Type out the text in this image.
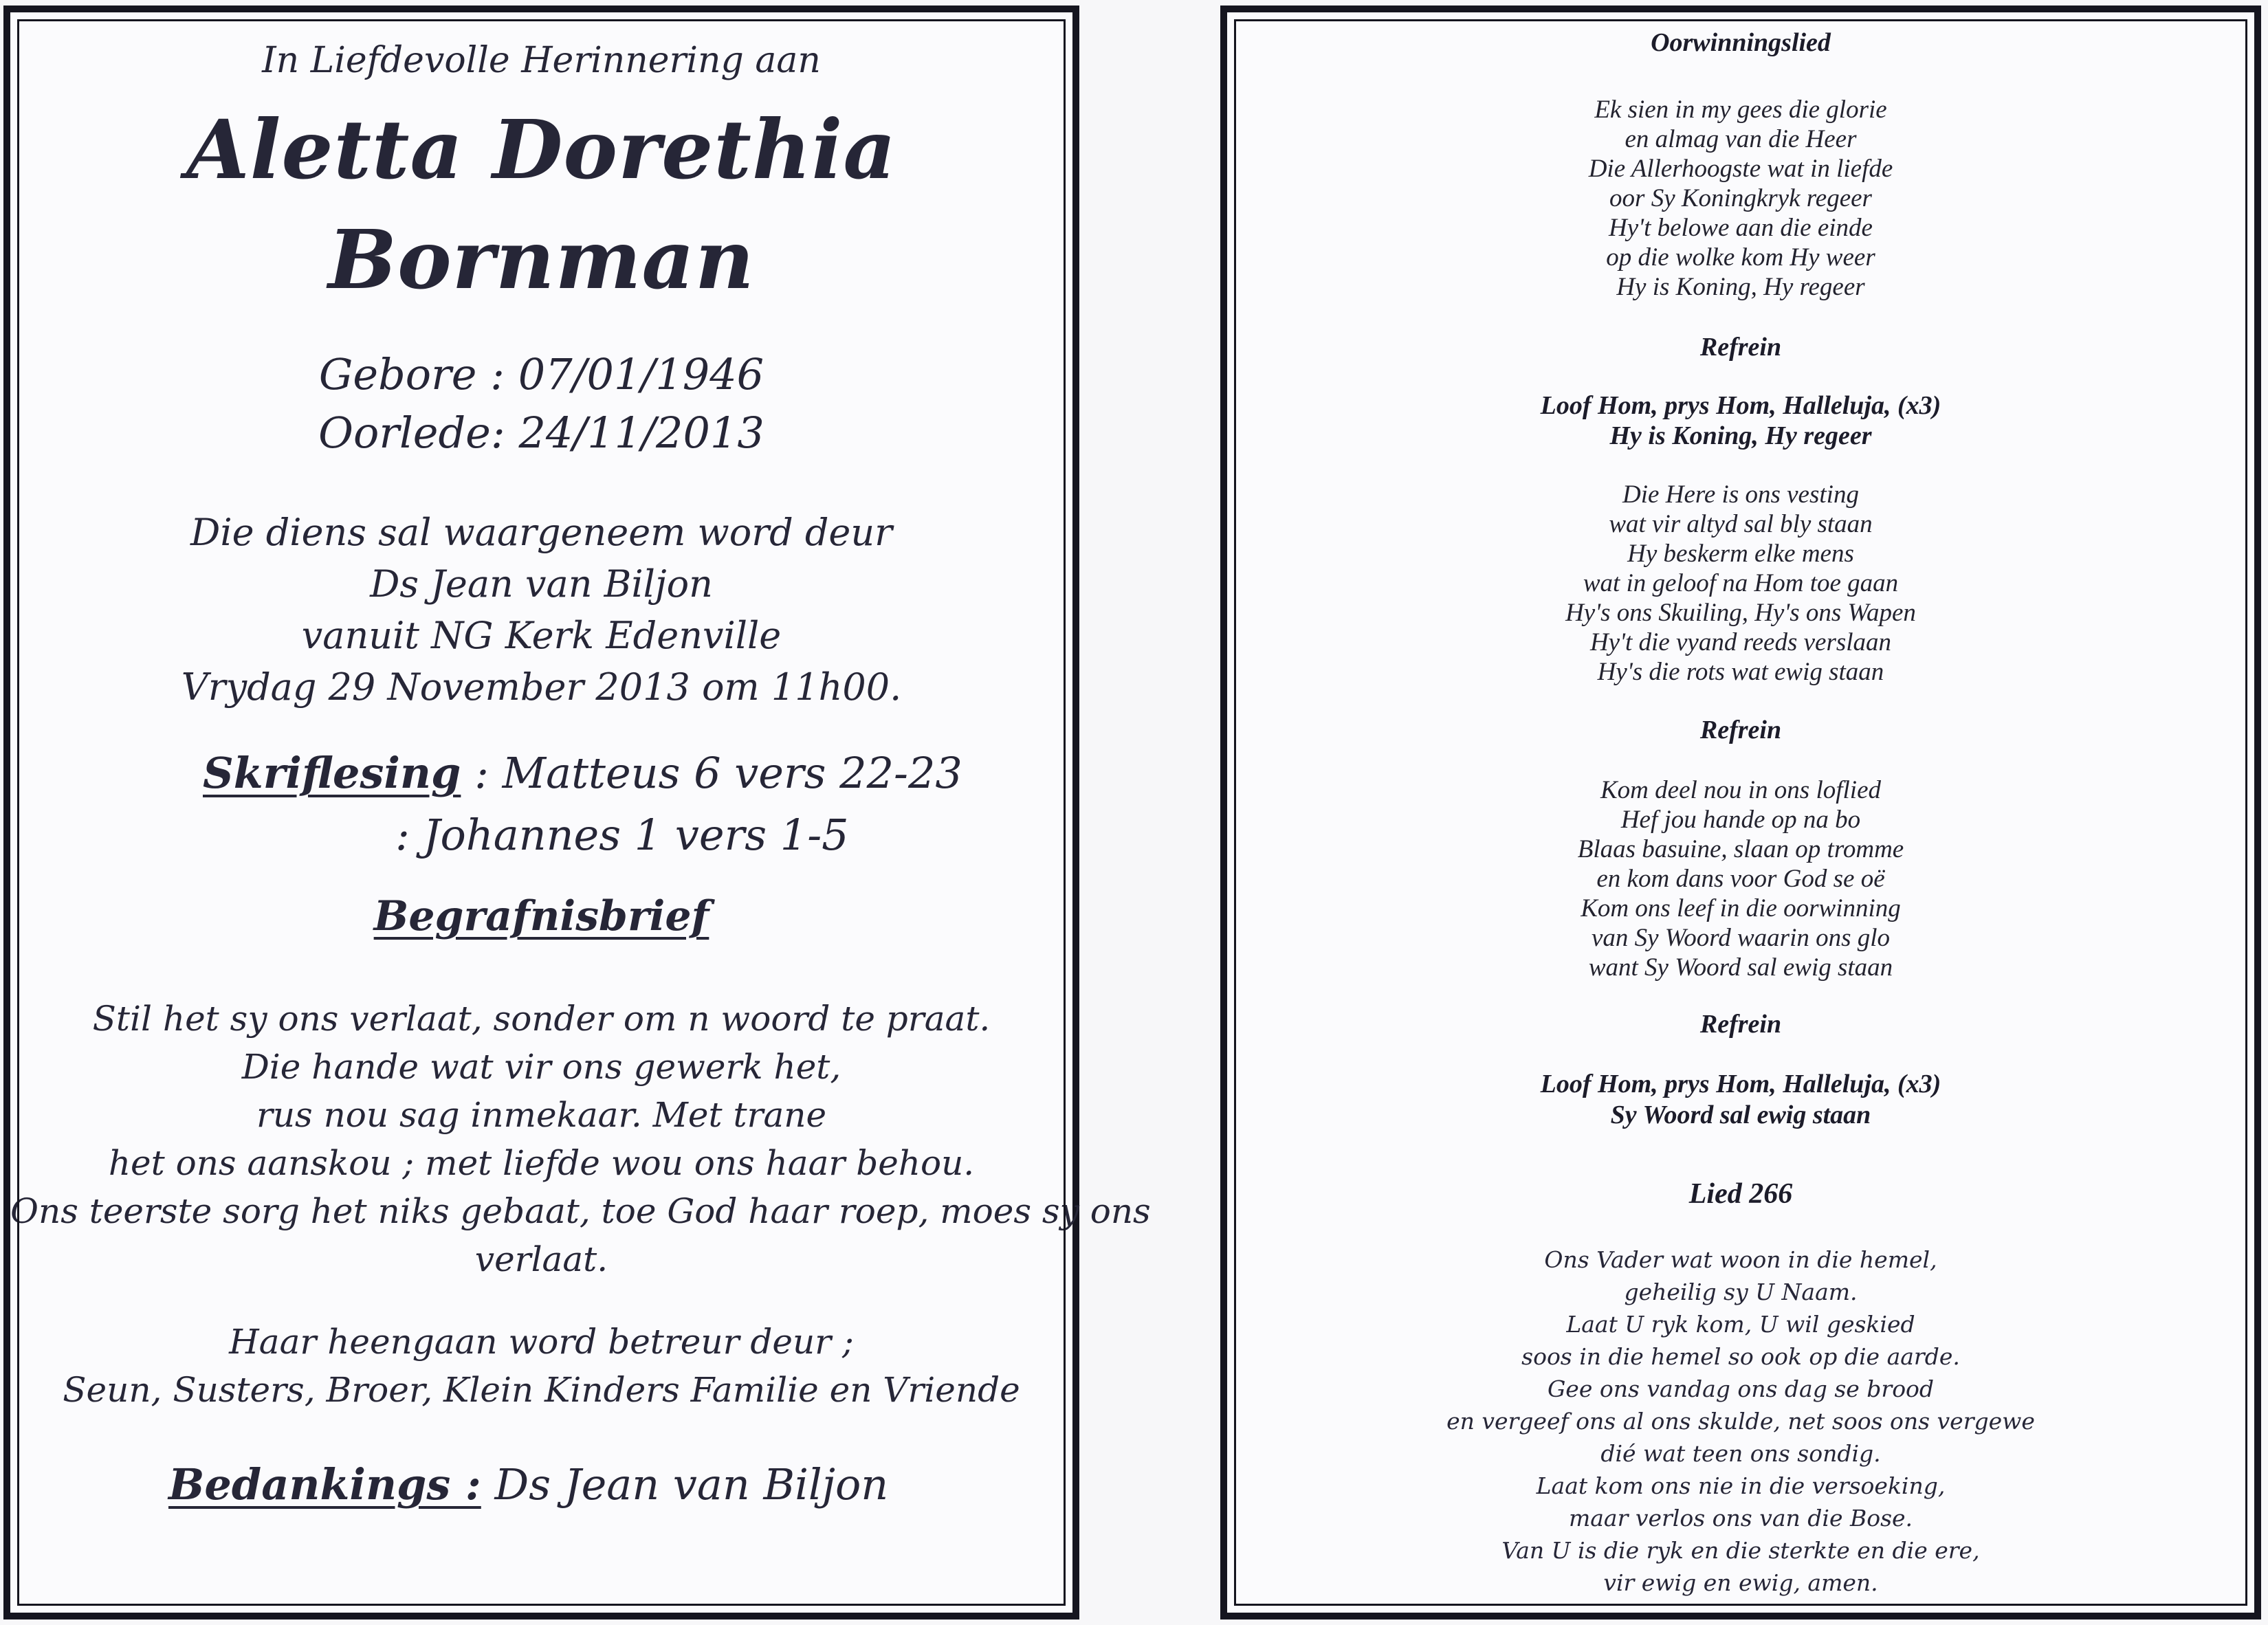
In Liefdevolle Herinnering aan
Aletta Dorethia
Bornman
Gebore : 07/01/1946
Oorlede: 24/11/2013
Die diens sal waargeneem word deur
Ds Jean van Biljon
vanuit NG Kerk Edenville
Vrydag 29 November 2013 om 11h00.
Skriflesing : Matteus 6 vers 22-23
: Johannes 1 vers 1-5
Begrafnisbrief
Stil het sy ons verlaat, sonder om n woord te praat.
Die hande wat vir ons gewerk het,
rus nou sag inmekaar. Met trane
het ons aanskou ; met liefde wou ons haar behou.
Ons teerste sorg het niks gebaat, toe God haar roep, moes sy ons
verlaat.
Haar heengaan word betreur deur ;
Seun, Susters, Broer, Klein Kinders Familie en Vriende
Bedankings : Ds Jean van Biljon
Oorwinningslied
Ek sien in my gees die glorie
en almag van die Heer
Die Allerhoogste wat in liefde
oor Sy Koningkryk regeer
Hy't belowe aan die einde
op die wolke kom Hy weer
Hy is Koning, Hy regeer
Refrein
Loof Hom, prys Hom, Halleluja, (x3)
Hy is Koning, Hy regeer
Die Here is ons vesting
wat vir altyd sal bly staan
Hy beskerm elke mens
wat in geloof na Hom toe gaan
Hy's ons Skuiling, Hy's ons Wapen
Hy't die vyand reeds verslaan
Hy's die rots wat ewig staan
Refrein
Kom deel nou in ons loflied
Hef jou hande op na bo
Blaas basuine, slaan op tromme
en kom dans voor God se oë
Kom ons leef in die oorwinning
van Sy Woord waarin ons glo
want Sy Woord sal ewig staan
Refrein
Loof Hom, prys Hom, Halleluja, (x3)
Sy Woord sal ewig staan
Lied 266
Ons Vader wat woon in die hemel,
geheilig sy U Naam.
Laat U ryk kom, U wil geskied
soos in die hemel so ook op die aarde.
Gee ons vandag ons dag se brood
en vergeef ons al ons skulde, net soos ons vergewe
dié wat teen ons sondig.
Laat kom ons nie in die versoeking,
maar verlos ons van die Bose.
Van U is die ryk en die sterkte en die ere,
vir ewig en ewig, amen.
